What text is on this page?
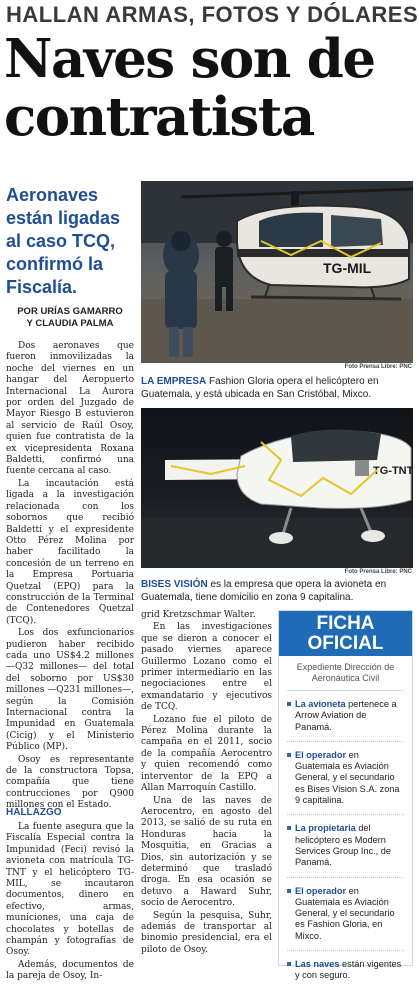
HALLAN ARMAS, FOTOS Y DÓLARES
Naves son de
contratista
Aeronaves están ligadas al caso TCQ, confirmó la Fiscalía.
POR URÍAS GAMARRO
Y CLAUDIA PALMA

Dos aeronaves que fueron inmovilizadas la noche del viernes en un hangar del Aeropuerto Internacional La Aurora por orden del Juzgado de Mayor Riesgo B estuvieron al servicio de Raúl Osoy, quien fue contratista de la ex vicepresidenta Roxana Baldetti, confirmó una fuente cercana al caso.

La incautación está ligada a la investigación relacionada con los sobornos que recibió Baldetti y el expresidente Otto Pérez Molina por haber facilitado la concesión de un terreno en la Empresa Portuaria Quetzal (EPQ) para la construcción de la Terminal de Contenedores Quetzal (TCQ).

Los dos exfuncionarios pudieron haber recibido cada uno US$4.2 millones —Q32 millones— del total del soborno por US$30 millones —Q231 millones—, según la Comisión Internacional contra la Impunidad en Guatemala (Cicig) y el Ministerio Público (MP).

Osoy es representante de la constructora Topsa, compañía que tiene contrucciones por Q900 millones con el Estado.

HALLAZGO

La fuente asegura que la Fiscalía Especial contra la Impunidad (Feci) revisó la avioneta con matrícula TG-TNT y el helicóptero TG-MIL, se incautaron documentos, dinero en efectivo, armas, municiones, una caja de chocolates y botellas de champán y fotografías de Osoy.

Además, documentos de la pareja de Osoy, In-

grid Kretzschmar Walter.

En las investigaciones que se dieron a conocer el pasado viernes aparece Guillermo Lozano como el primer intermediario en las negociaciones entre el exmandatario y ejecutivos de TCQ.

Lozano fue el piloto de Pérez Molina durante la campaña en el 2011, socio de la compañía Aerocentro y quien recomendó como interventor de la EPQ a Allan Marroquín Castillo.

Una de las naves de Aerocentro, en agosto del 2013, se salió de su ruta en Honduras hacia la Mosquitia, en Gracias a Dios, sin autorización y se determinó que trasladó droga. En esa ocasión se detuvo a Haward Suhr, socio de Aerocentro.

Según la pesquisa, Suhr, además de transportar al binomio presidencial, era el piloto de Osoy.

TG-MIL
Foto Prensa Libre: PNC
LA EMPRESA Fashion Gloria opera el helicóptero en Guatemala, y está ubicada en San Cristóbal, Mixco.
TG-TNT
Foto Prensa Libre: PNC
BISES VISIÓN es la empresa que opera la avioneta en Guatemala, tiene domicilio en zona 9 capitalina.
FICHA
OFICIAL
Expediente Dirección de Aeronáutica Civil
La avioneta pertenece a Arrow Aviation de Panamá.
El operador en Guatemala es Aviación General, y el secundario es Bises Vision S.A. zona 9 capitalina.
La propietaria del helicóptero es Modern Services Group Inc., de Panamá.
El operador en Guatemala es Aviación General, y el secundario es Fashion Gloria, en Mixco.
Las naves están vigentes y con seguro.
